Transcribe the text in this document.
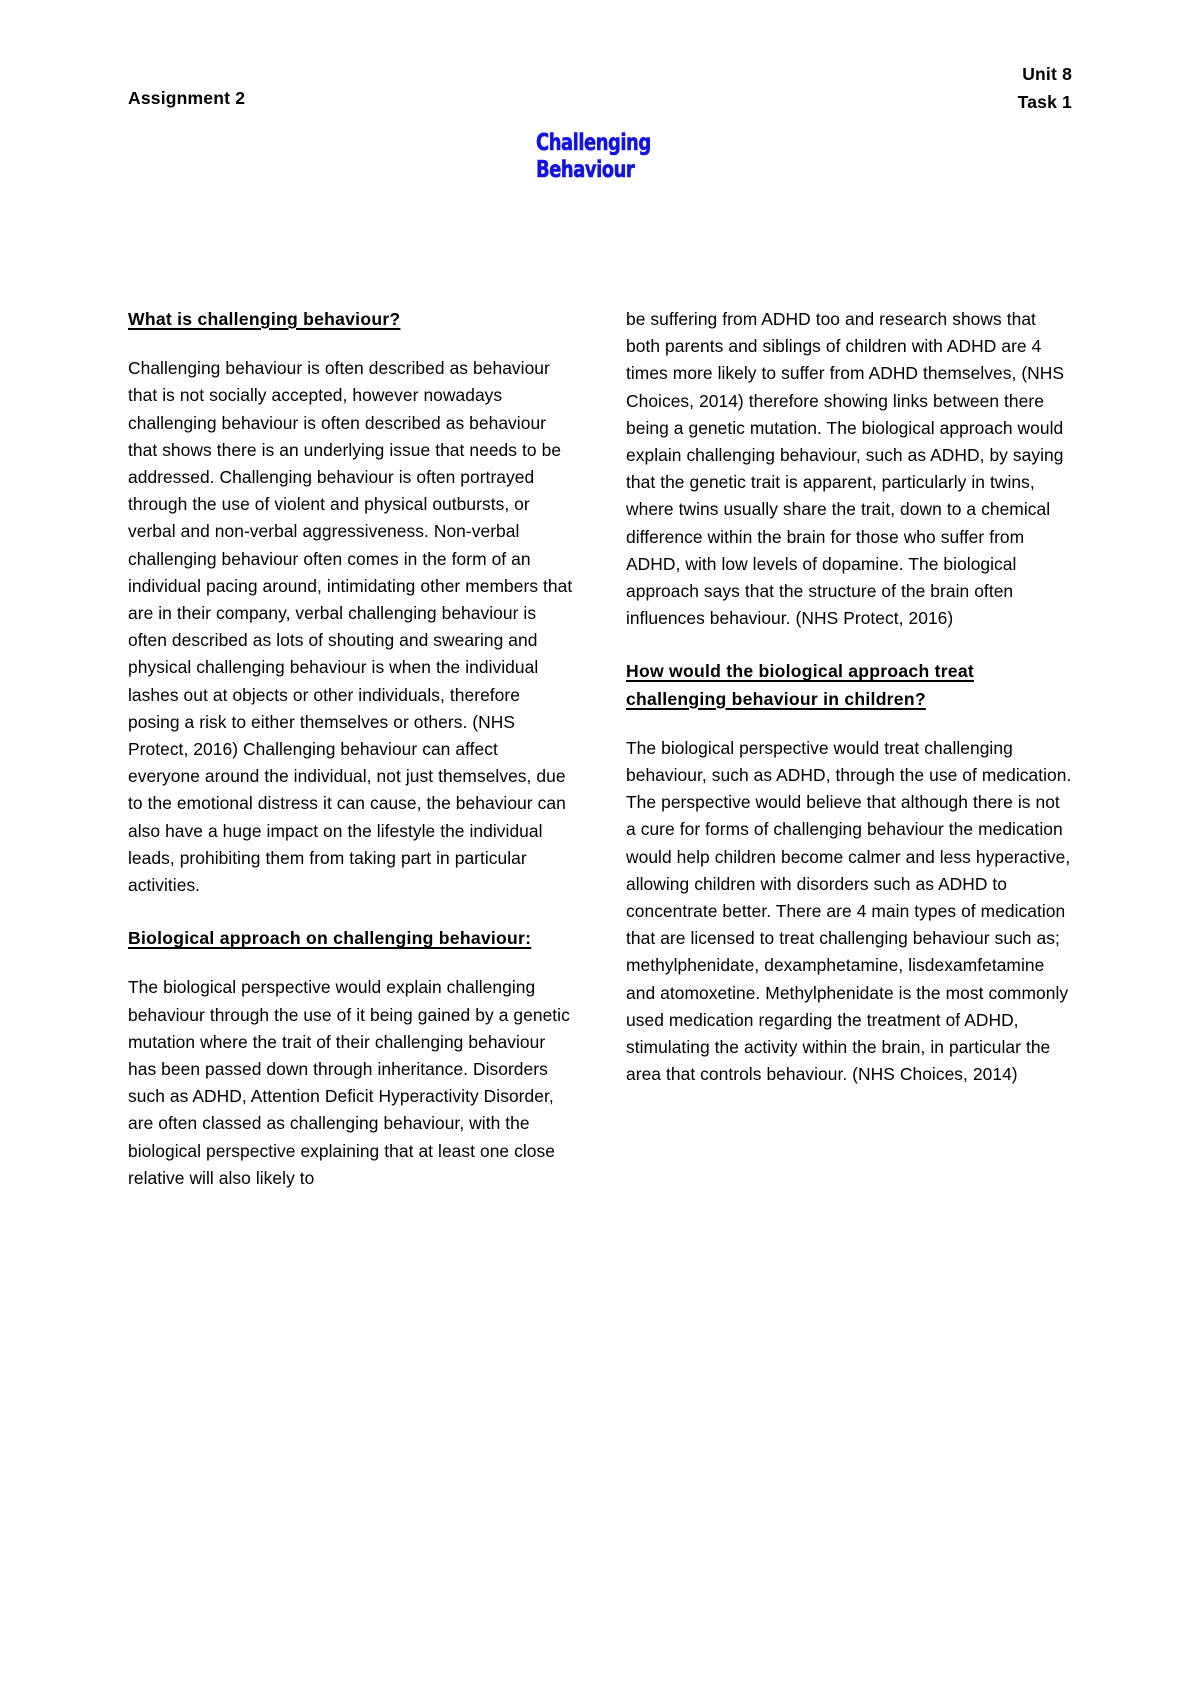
Assignment 2
Unit 8
Task 1
Challenging
Behaviour
What is challenging behaviour?

Challenging behaviour is often described as behaviour that is not socially accepted, however nowadays challenging behaviour is often described as behaviour that shows there is an underlying issue that needs to be addressed. Challenging behaviour is often portrayed through the use of violent and physical outbursts, or verbal and non-verbal aggressiveness. Non-verbal challenging behaviour often comes in the form of an individual pacing around, intimidating other members that are in their company, verbal challenging behaviour is often described as lots of shouting and swearing and physical challenging behaviour is when the individual lashes out at objects or other individuals, therefore posing a risk to either themselves or others. (NHS Protect, 2016) Challenging behaviour can affect everyone around the individual, not just themselves, due to the emotional distress it can cause, the behaviour can also have a huge impact on the lifestyle the individual leads, prohibiting them from taking part in particular activities.

Biological approach on challenging behaviour:

The biological perspective would explain challenging behaviour through the use of it being gained by a genetic mutation where the trait of their challenging behaviour has been passed down through inheritance. Disorders such as ADHD, Attention Deficit Hyperactivity Disorder, are often classed as challenging behaviour, with the biological perspective explaining that at least one close relative will also likely to

be suffering from ADHD too and research shows that both parents and siblings of children with ADHD are 4 times more likely to suffer from ADHD themselves, (NHS Choices, 2014) therefore showing links between there being a genetic mutation. The biological approach would explain challenging behaviour, such as ADHD, by saying that the genetic trait is apparent, particularly in twins, where twins usually share the trait, down to a chemical difference within the brain for those who suffer from ADHD, with low levels of dopamine. The biological approach says that the structure of the brain often influences behaviour. (NHS Protect, 2016)

How would the biological approach treat challenging behaviour in children?

The biological perspective would treat challenging behaviour, such as ADHD, through the use of medication. The perspective would believe that although there is not a cure for forms of challenging behaviour the medication would help children become calmer and less hyperactive, allowing children with disorders such as ADHD to concentrate better. There are 4 main types of medication that are licensed to treat challenging behaviour such as; methylphenidate, dexamphetamine, lisdexamfetamine and atomoxetine. Methylphenidate is the most commonly used medication regarding the treatment of ADHD, stimulating the activity within the brain, in particular the area that controls behaviour. (NHS Choices, 2014)
